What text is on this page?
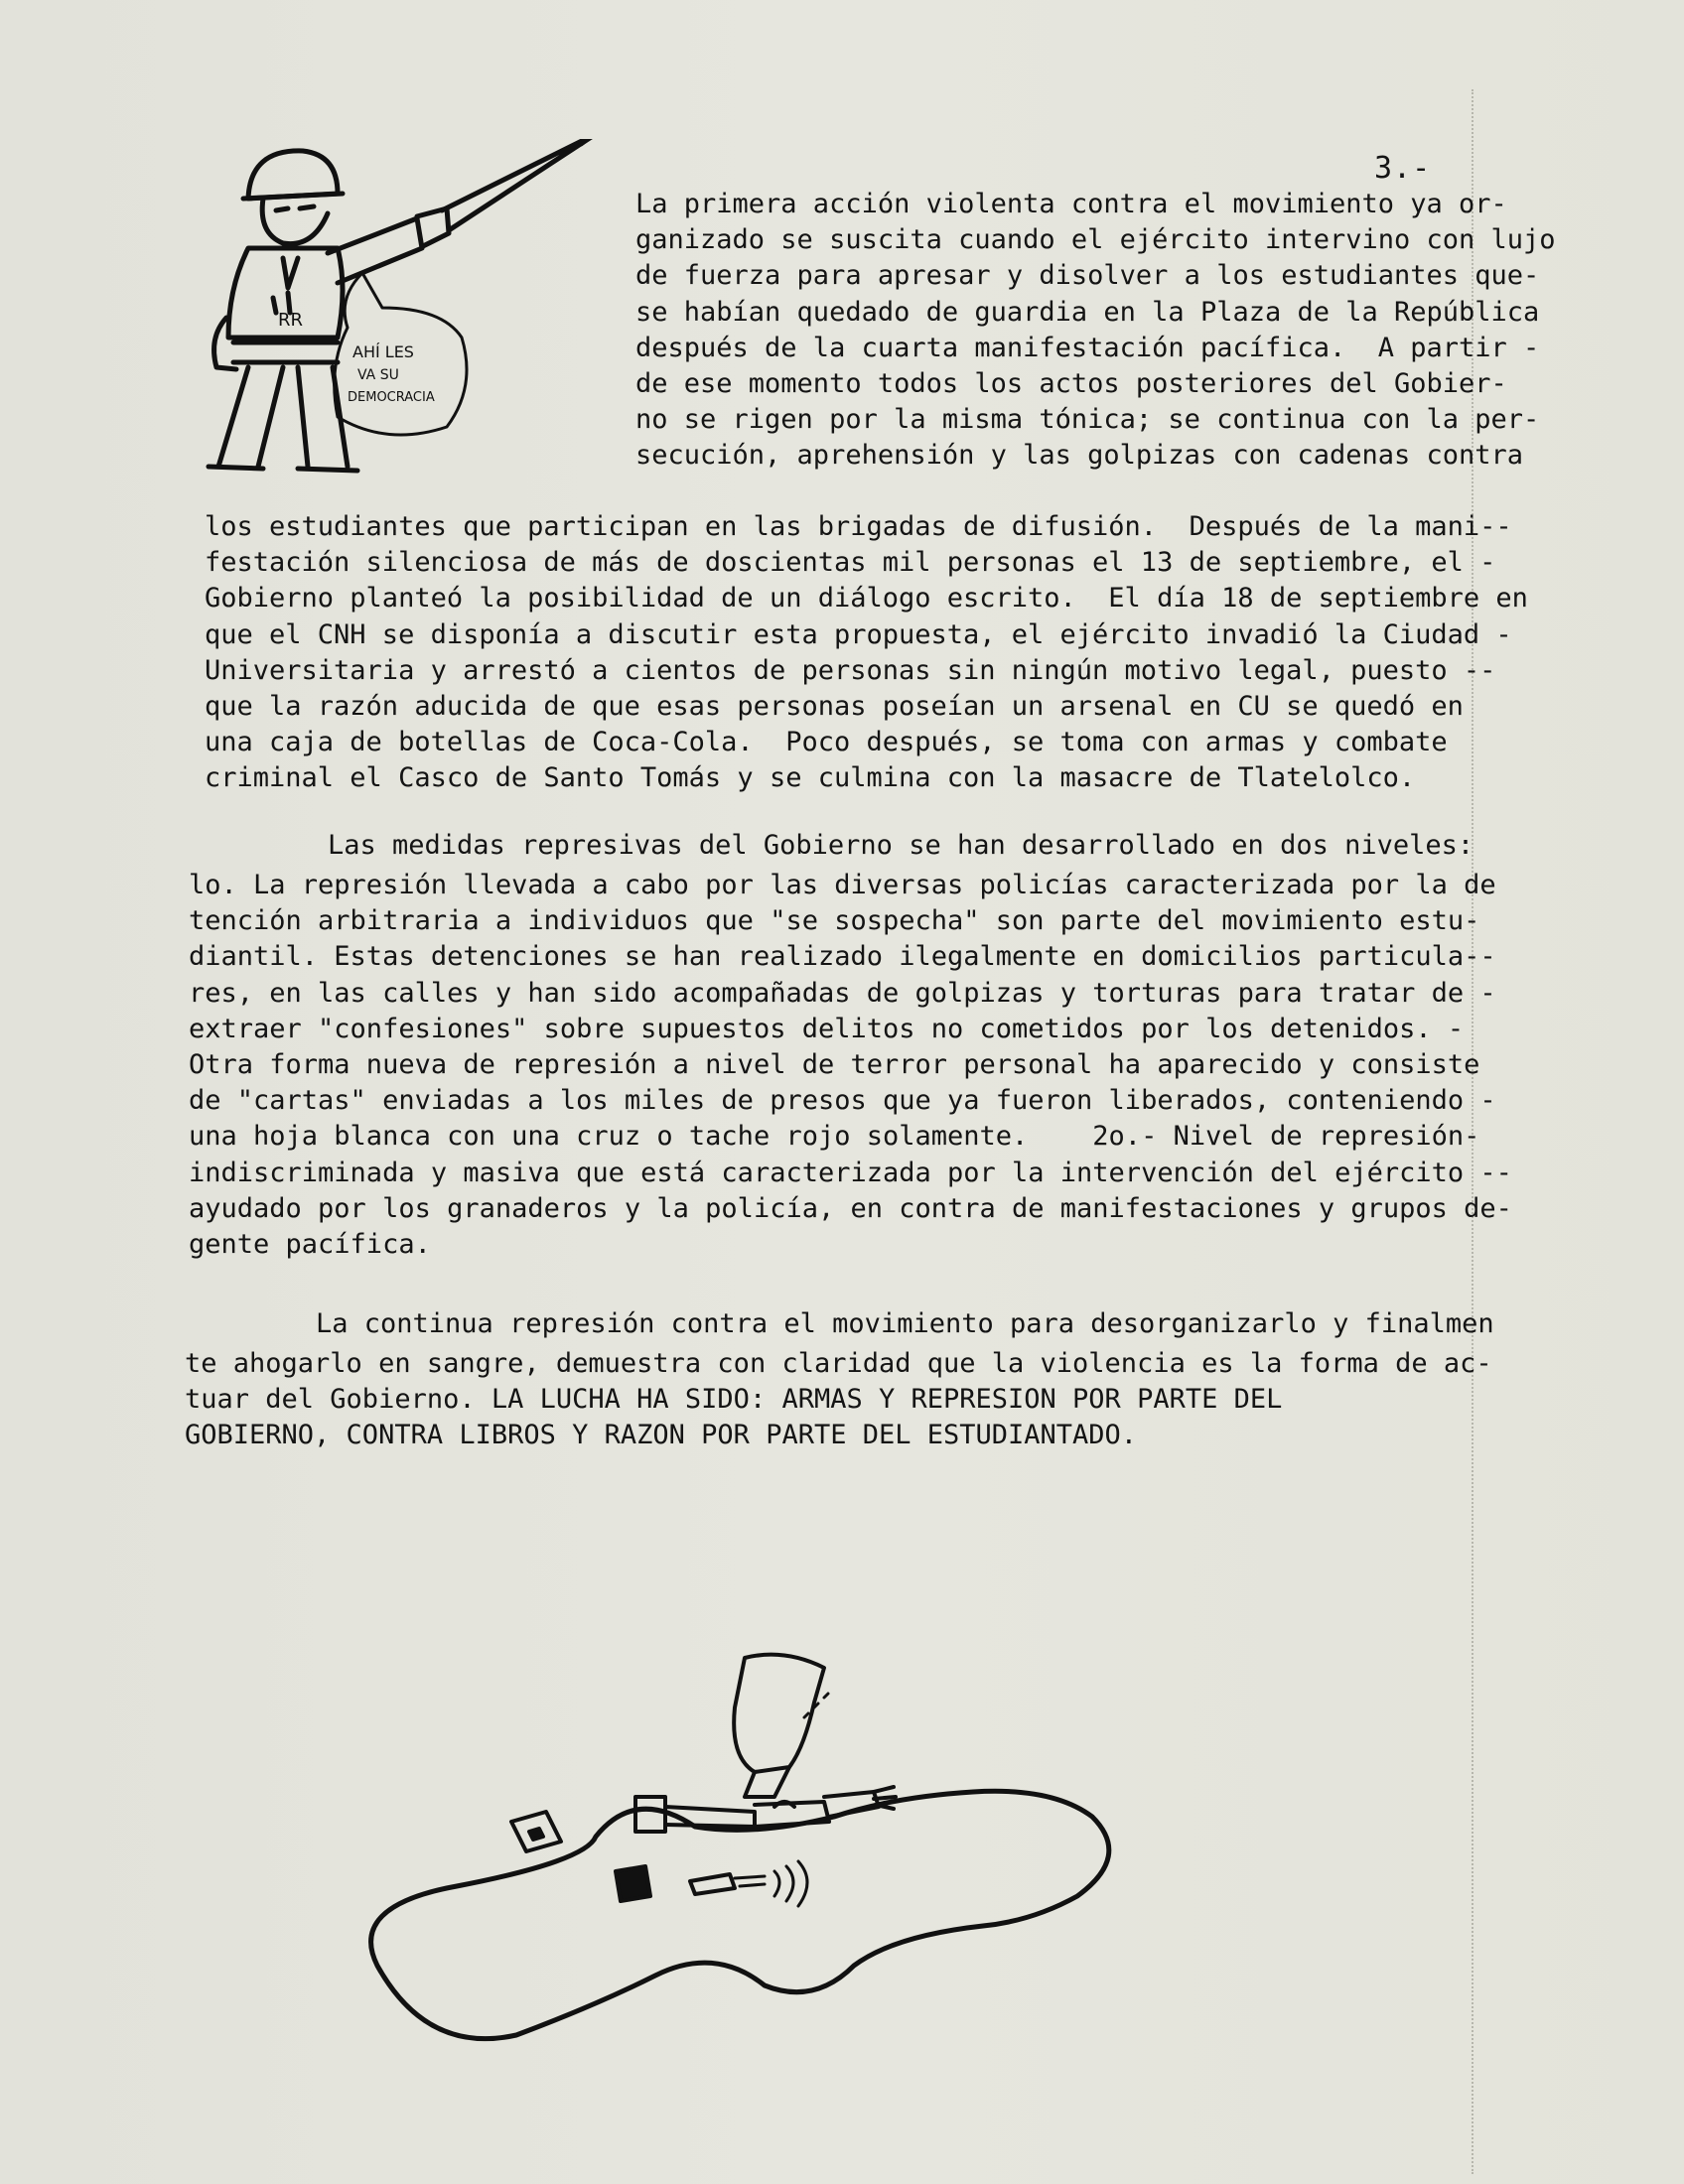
3.-
AHÍ LES
VA SU
DEMOCRACIA
RR
La primera acción violenta contra el movimiento ya or-
ganizado se suscita cuando el ejército intervino con lujo
de fuerza para apresar y disolver a los estudiantes que-
se habían quedado de guardia en la Plaza de la República
después de la cuarta manifestación pacífica.  A partir -
de ese momento todos los actos posteriores del Gobier-
no se rigen por la misma tónica; se continua con la per-
secución, aprehensión y las golpizas con cadenas contra
los estudiantes que participan en las brigadas de difusión.  Después de la mani--
festación silenciosa de más de doscientas mil personas el 13 de septiembre, el -
Gobierno planteó la posibilidad de un diálogo escrito.  El día 18 de septiembre en
que el CNH se disponía a discutir esta propuesta, el ejército invadió la Ciudad -
Universitaria y arrestó a cientos de personas sin ningún motivo legal, puesto --
que la razón aducida de que esas personas poseían un arsenal en CU se quedó en
una caja de botellas de Coca-Cola.  Poco después, se toma con armas y combate
criminal el Casco de Santo Tomás y se culmina con la masacre de Tlatelolco.
Las medidas represivas del Gobierno se han desarrollado en dos niveles:
lo. La represión llevada a cabo por las diversas policías caracterizada por la de
tención arbitraria a individuos que "se sospecha" son parte del movimiento estu-
diantil. Estas detenciones se han realizado ilegalmente en domicilios particula--
res, en las calles y han sido acompañadas de golpizas y torturas para tratar de -
extraer "confesiones" sobre supuestos delitos no cometidos por los detenidos. -
Otra forma nueva de represión a nivel de terror personal ha aparecido y consiste
de "cartas" enviadas a los miles de presos que ya fueron liberados, conteniendo -
una hoja blanca con una cruz o tache rojo solamente.    2o.- Nivel de represión-
indiscriminada y masiva que está caracterizada por la intervención del ejército --
ayudado por los granaderos y la policía, en contra de manifestaciones y grupos de-
gente pacífica.
La continua represión contra el movimiento para desorganizarlo y finalmen
te ahogarlo en sangre, demuestra con claridad que la violencia es la forma de ac-
tuar del Gobierno. LA LUCHA HA SIDO: ARMAS Y REPRESION POR PARTE DEL
GOBIERNO, CONTRA LIBROS Y RAZON POR PARTE DEL ESTUDIANTADO.
